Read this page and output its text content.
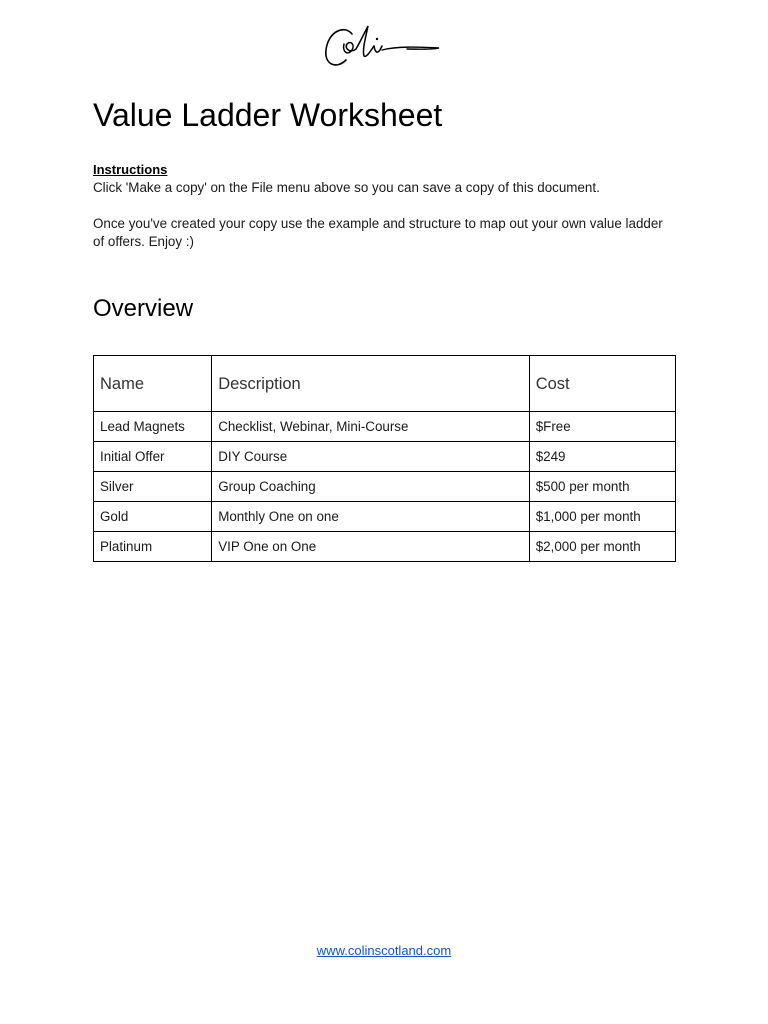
Value Ladder Worksheet
Instructions

Click 'Make a copy' on the File menu above so you can save a copy of this document.

Once you've created your copy use the example and structure to map out your own value ladder of offers. Enjoy :)

Overview
Name	Description	Cost
Lead Magnets	Checklist, Webinar, Mini-Course	$Free
Initial Offer	DIY Course	$249
Silver	Group Coaching	$500 per month
Gold	Monthly One on one	$1,000 per month
Platinum	VIP One on One	$2,000 per month
www.colinscotland.com
